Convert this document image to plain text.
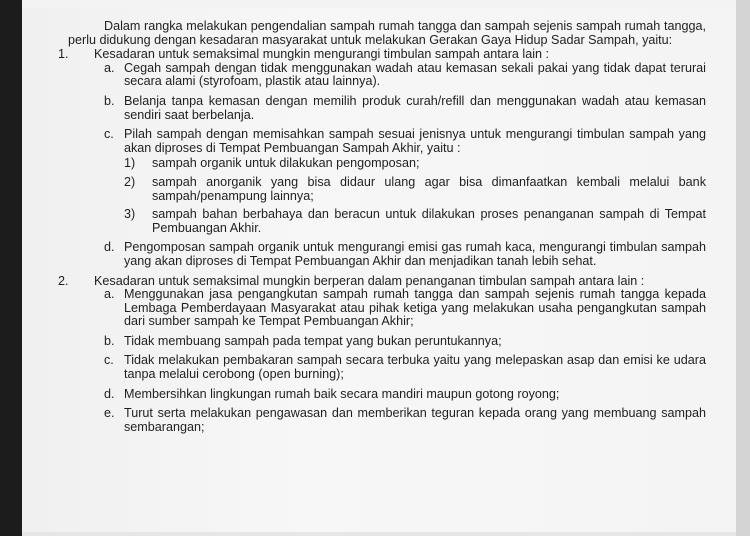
Dalam rangka melakukan pengendalian sampah rumah tangga dan sampah sejenis sampah rumah tangga, perlu didukung dengan kesadaran masyarakat untuk melakukan Gerakan Gaya Hidup Sadar Sampah, yaitu:

1.	Kesadaran untuk semaksimal mungkin mengurangi timbulan sampah antara lain :
a. Cegah sampah dengan tidak menggunakan wadah atau kemasan sekali pakai yang tidak dapat terurai secara alami (styrofoam, plastik atau lainnya).
b. Belanja tanpa kemasan dengan memilih produk curah/refill dan menggunakan wadah atau kemasan sendiri saat berbelanja.
c. Pilah sampah dengan memisahkan sampah sesuai jenisnya untuk mengurangi timbulan sampah yang akan diproses di Tempat Pembuangan Sampah Akhir, yaitu :
1) sampah organik untuk dilakukan pengomposan;
2) sampah anorganik yang bisa didaur ulang agar bisa dimanfaatkan kembali melalui bank sampah/penampung lainnya;
3) sampah bahan berbahaya dan beracun untuk dilakukan proses penanganan sampah di Tempat Pembuangan Akhir.
d. Pengomposan sampah organik untuk mengurangi emisi gas rumah kaca, mengurangi timbulan sampah yang akan diproses di Tempat Pembuangan Akhir dan menjadikan tanah lebih sehat.
2.	Kesadaran untuk semaksimal mungkin berperan dalam penanganan timbulan sampah antara lain :
a. Menggunakan jasa pengangkutan sampah rumah tangga dan sampah sejenis rumah tangga kepada Lembaga Pemberdayaan Masyarakat atau pihak ketiga yang melakukan usaha pengangkutan sampah dari sumber sampah ke Tempat Pembuangan Akhir;
b. Tidak membuang sampah pada tempat yang bukan peruntukannya;
c. Tidak melakukan pembakaran sampah secara terbuka yaitu yang melepaskan asap dan emisi ke udara tanpa melalui cerobong (open burning);
d. Membersihkan lingkungan rumah baik secara mandiri maupun gotong royong;
e. Turut serta melakukan pengawasan dan memberikan teguran kepada orang yang membuang sampah sembarangan;
